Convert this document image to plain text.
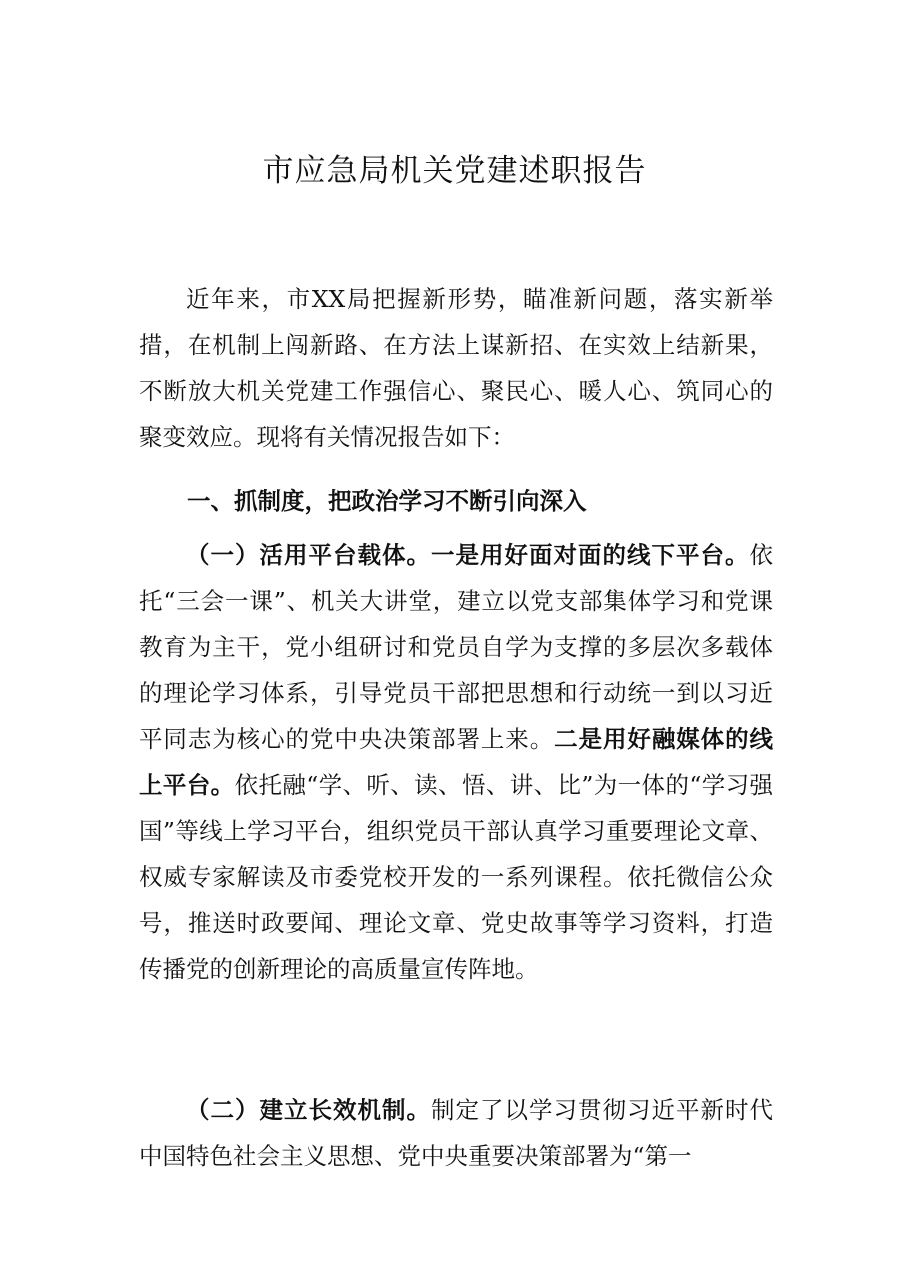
市应急局机关党建述职报告

近年来，市XX局把握新形势，瞄准新问题，落实新举措，在机制上闯新路、在方法上谋新招、在实效上结新果，不断放大机关党建工作强信心、聚民心、暖人心、筑同心的聚变效应。现将有关情况报告如下：

一、抓制度，把政治学习不断引向深入

（一）活用平台载体。一是用好面对面的线下平台。依托“三会一课”、机关大讲堂，建立以党支部集体学习和党课教育为主干，党小组研讨和党员自学为支撑的多层次多载体的理论学习体系，引导党员干部把思想和行动统一到以习近平同志为核心的党中央决策部署上来。二是用好融媒体的线上平台。依托融“学、听、读、悟、讲、比”为一体的“学习强国”等线上学习平台，组织党员干部认真学习重要理论文章、权威专家解读及市委党校开发的一系列课程。依托微信公众号，推送时政要闻、理论文章、党史故事等学习资料，打造传播党的创新理论的高质量宣传阵地。

（二）建立长效机制。制定了以学习贯彻习近平新时代中国特色社会主义思想、党中央重要决策部署为“第一
